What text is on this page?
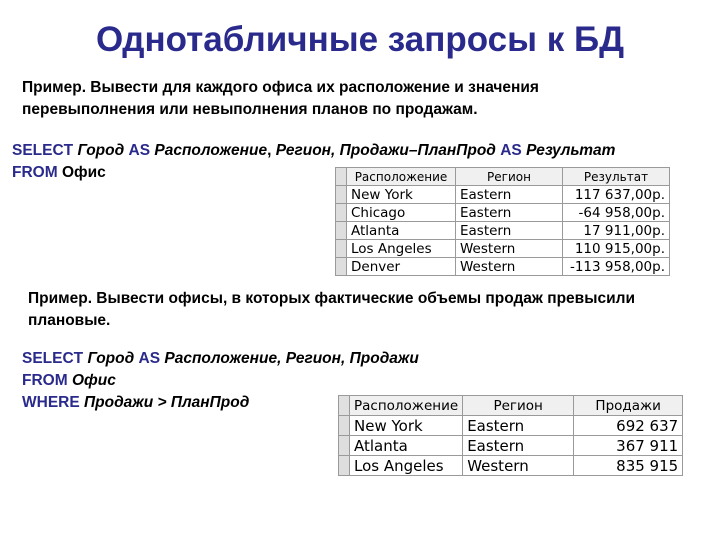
Однотабличные запросы к БД
Пример. Вывести для каждого офиса их расположение и значения перевыполнения или невыполнения планов по продажам.
SELECT Город AS Расположение, Регион, Продажи–ПланПрод AS Результат
FROM Офис
		Расположение	Регион	Результат
	New York	Eastern	117 637,00р.
	Chicago	Eastern	-64 958,00р.
	Atlanta	Eastern	17 911,00р.
	Los Angeles	Western	110 915,00р.
	Denver	Western	-113 958,00р.
Пример. Вывести офисы, в которых фактические объемы продаж превысили плановые.
SELECT Город AS Расположение, Регион, Продажи
FROM Офис
WHERE Продажи > ПланПрод
		Расположение	Регион	Продажи
	New York	Eastern	692 637
	Atlanta	Eastern	367 911
	Los Angeles	Western	835 915
